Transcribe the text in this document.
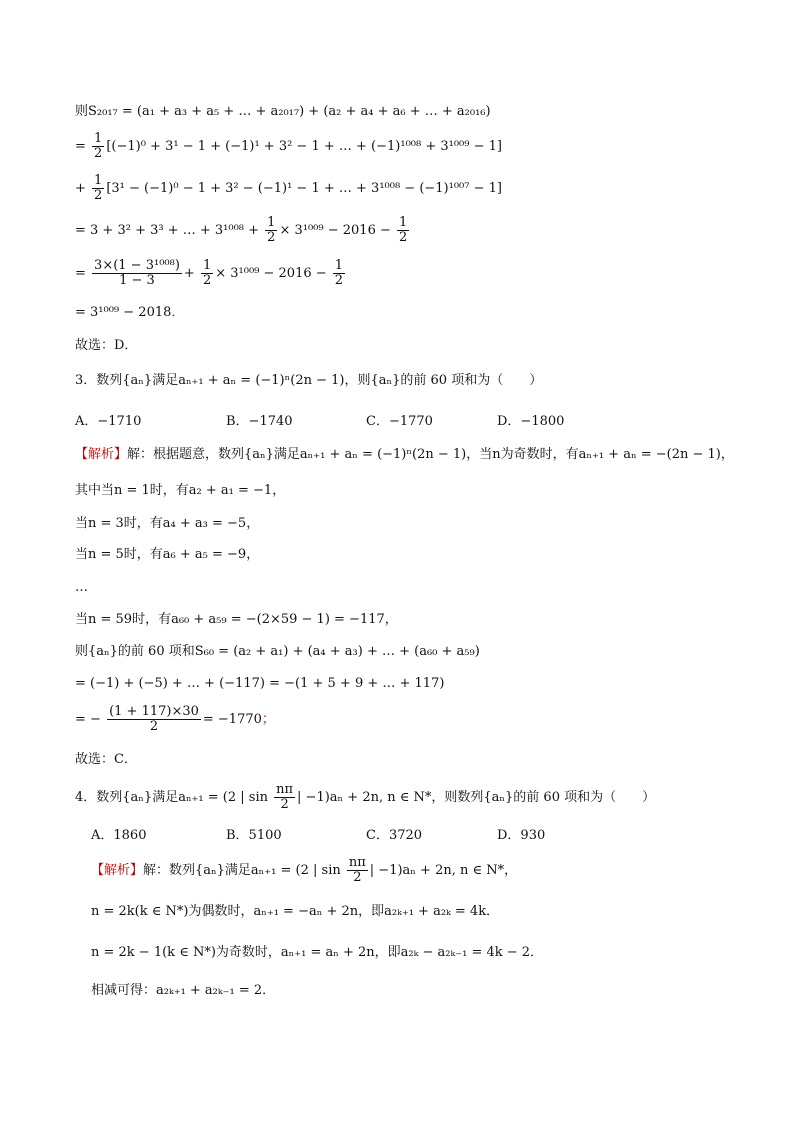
则S₂₀₁₇ = (a₁ + a₃ + a₅ + … + a₂₀₁₇) + (a₂ + a₄ + a₆ + … + a₂₀₁₆)
= $\frac{1}{2} [(-1)^0 + 3^1 - 1 + (-1)^1 + 3^2 - 1$ + … + (−1)¹⁰⁰⁸ + 3¹⁰⁰⁹ − 1]
+ $\frac{1}{2} [3^1 - (-1)^0 - 1 + 3^2 - (-1)^1 - 1$ + … + 3¹⁰⁰⁸ − (−1)¹⁰⁰⁷ − 1]
= 3 + 3² + 3³ + … + $3^{1008} + \frac{1}{2} \times 3^{1009} - 2016 - \frac{1}{2}$
= $\frac{\text{3×(1 − 3¹⁰⁰⁸)}}{1 - 3} + \frac{1}{2} \times 3^{1009} - 2016 - \frac{1}{2}$
= 3¹⁰⁰⁹ − 2018．
故选：D．
3．数列{aₙ}满足aₙ₊₁ + aₙ = (−1)ⁿ(2n − 1)，则{aₙ}的前 60 项和为（　　）
A．−1710	B．−1740	C．−1770	D．−1800
【解析】解：根据题意，数列{aₙ}满足aₙ₊₁ + aₙ = (−1)ⁿ(2n − 1)，当n为奇数时，有aₙ₊₁ + aₙ = −(2n − 1)，
其中当n = 1时，有a₂ + a₁ = −1，
当n = 3时，有a₄ + a₃ = −5，
当n = 5时，有a₆ + a₅ = −9，
…
当n = 59时，有a₆₀ + a₅₉ = −(2×59 − 1) = −117，
则{aₙ}的前 60 项和S₆₀ = (a₂ + a₁) + (a₄ + a₃) + … + (a₆₀ + a₅₉)
= (−1) + (−5) + … + (−117) = −(1 + 5 + 9 + … + 117)
= − $\frac{(1 + 117)\times 30}{2} = -1770$；
故选：C．
4．数列{aₙ}满足aₙ₊₁ = (2 | $\sin \frac{n\pi}{2}$ | −1)aₙ + 2n, n ∈ N*，则数列{aₙ}的前 60 项和为（　　）
A．1860	B．5100	C．3720	D．930
【解析】解：数列{aₙ}满足aₙ₊₁ = (2 | $\sin \frac{n\pi}{2}$ | −1)aₙ + 2n, n ∈ N*，
n = 2k(k ∈ N*)为偶数时，aₙ₊₁ = −aₙ + 2n，即a₂ₖ₊₁ + a₂ₖ = 4k．
n = 2k − 1(k ∈ N*)为奇数时，aₙ₊₁ = aₙ + 2n，即a₂ₖ − a₂ₖ₋₁ = 4k − 2．
相减可得：a₂ₖ₊₁ + a₂ₖ₋₁ = 2．
